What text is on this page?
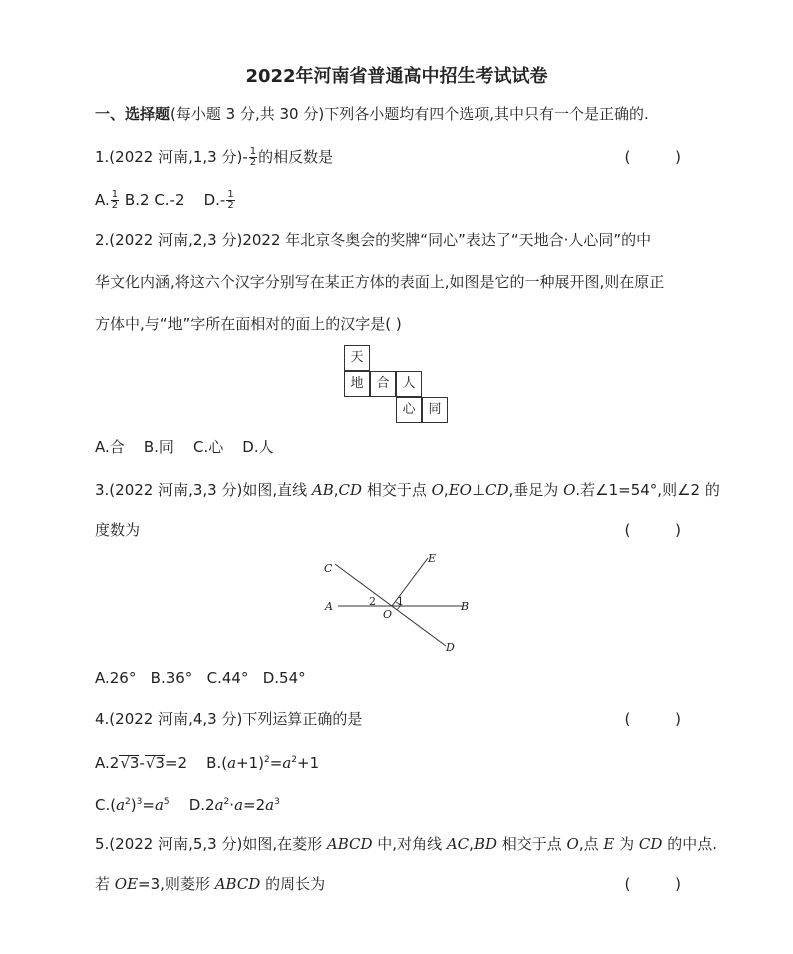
2022年河南省普通高中招生考试试卷
一、选择题(每小题 3 分,共 30 分)下列各小题均有四个选项,其中只有一个是正确的.
1.(2022 河南,1,3 分)- $\frac{1}{2}$ 的相反数是	( )
A. $\frac{1}{2} B.2$ C.-2 $D.- \frac{1}{2}$
2.(2022 河南,2,3 分)2022 年北京冬奥会的奖牌“同心”表达了“天地合·人心同”的中
华文化内涵,将这六个汉字分别写在某正方体的表面上,如图是它的一种展开图,则在原正
方体中,与“地”字所在面相对的面上的汉字是( )
天
地 合 人
心 同
A.合    B.同    C.心    D.人
3.(2022 河南,3,3 分)如图,直线 AB,CD 相交于点 O,EO⊥CD,垂足为 O.若∠1=54°,则∠2 的
度数为	( )
C
E
A	B
O
D
1
2
A.26°   B.36°   C.44°   D.54°
4.(2022 河南,4,3 分)下列运算正确的是	( )
A.2√3-√3=2 $B.(a+1)^2=a^2+1$
$C.(a^2)^3=a^5$ $D.2a^2\cdot a=2a^3$
5.(2022 河南,5,3 分)如图,在菱形 ABCD 中,对角线 AC,BD 相交于点 O,点 E 为 CD 的中点.
若 OE=3,则菱形 ABCD 的周长为	( )
